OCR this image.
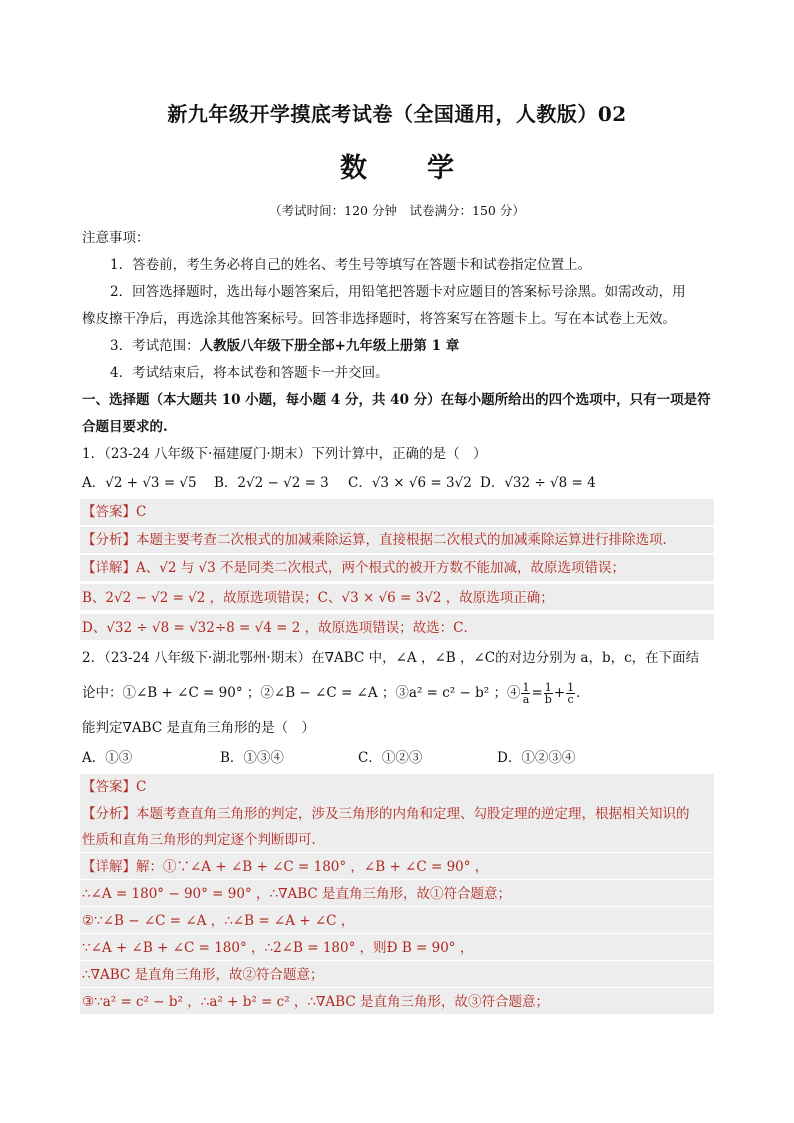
新九年级开学摸底考试卷（全国通用，人教版）02
数学
（考试时间：120 分钟　试卷满分：150 分）
注意事项：
1．答卷前，考生务必将自己的姓名、考生号等填写在答题卡和试卷指定位置上。
2．回答选择题时，选出每小题答案后，用铅笔把答题卡对应题目的答案标号涂黑。如需改动，用
橡皮擦干净后，再选涂其他答案标号。回答非选择题时，将答案写在答题卡上。写在本试卷上无效。
3．考试范围：人教版八年级下册全部+九年级上册第 1 章
4．考试结束后，将本试卷和答题卡一并交回。
一、选择题（本大题共 10 小题，每小题 4 分，共 40 分）在每小题所给出的四个选项中，只有一项是符
合题目要求的.
1．（23-24 八年级下·福建厦门·期末）下列计算中，正确的是（　）
A．√2 + √3 = √5	B．2√2 − √2 = 3	C．√3 × √6 = 3√2 D．√32 ÷ √8 = 4
【答案】C
【分析】本题主要考查二次根式的加减乘除运算，直接根据二次根式的加减乘除运算进行排除选项．
【详解】A、√2 与 √3 不是同类二次根式，两个根式的被开方数不能加减，故原选项错误；
B、2√2 − √2 = √2 ，故原选项错误；C、√3 × √6 = 3√2 ，故原选项正确；
D、√32 ÷ √8 = √32÷8 = √4 = 2 ，故原选项错误；故选：C．
2．（23-24 八年级下·湖北鄂州·期末）在∇ABC 中，∠A ，∠B ，∠C的对边分别为 a，b，c，在下面结
论中：①∠B + ∠C = 90° ；②∠B − ∠C = ∠A ；③a² = c² − b² ；④ $\frac{1}{a} = \frac{1}{b} + \frac{1}{c}$ ．
能判定∇ABC 是直角三角形的是（　）
A．①③	B．①③④	C．①②③	D．①②③④
【答案】C
【分析】本题考查直角三角形的判定，涉及三角形的内角和定理、勾股定理的逆定理，根据相关知识的
性质和直角三角形的判定逐个判断即可．
【详解】解：①∵∠A + ∠B + ∠C = 180° ，∠B + ∠C = 90° ，
∴∠A = 180° − 90° = 90° ，∴∇ABC 是直角三角形，故①符合题意；
②∵∠B − ∠C = ∠A ，∴∠B = ∠A + ∠C ，
∵∠A + ∠B + ∠C = 180° ，∴2∠B = 180° ，则Ð B = 90° ，
∴∇ABC 是直角三角形，故②符合题意；
③∵a² = c² − b² ，∴a² + b² = c² ，∴∇ABC 是直角三角形，故③符合题意；
